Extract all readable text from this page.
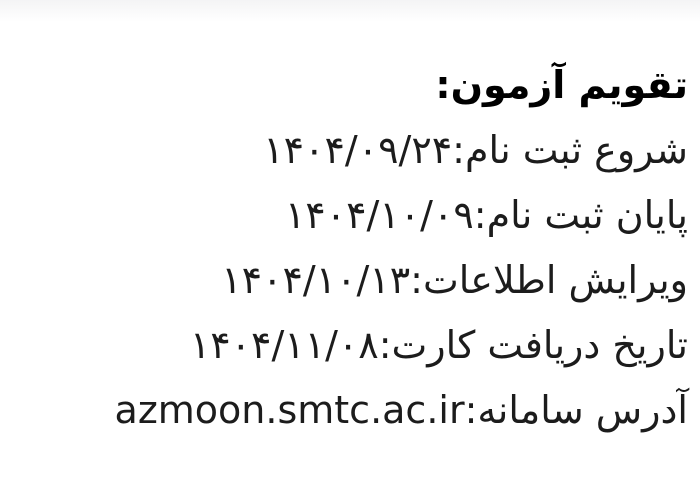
تقویم آزمون:
شروع ثبت نام:
۱۴۰۴/۰۹/۲۴
پایان ثبت نام:
۱۴۰۴/۱۰/۰۹
ویرایش اطلاعات:
۱۴۰۴/۱۰/۱۳
تاریخ دریافت کارت:
۱۴۰۴/۱۱/۰۸
آدرس سامانه:
azmoon.smtc.ac.ir
